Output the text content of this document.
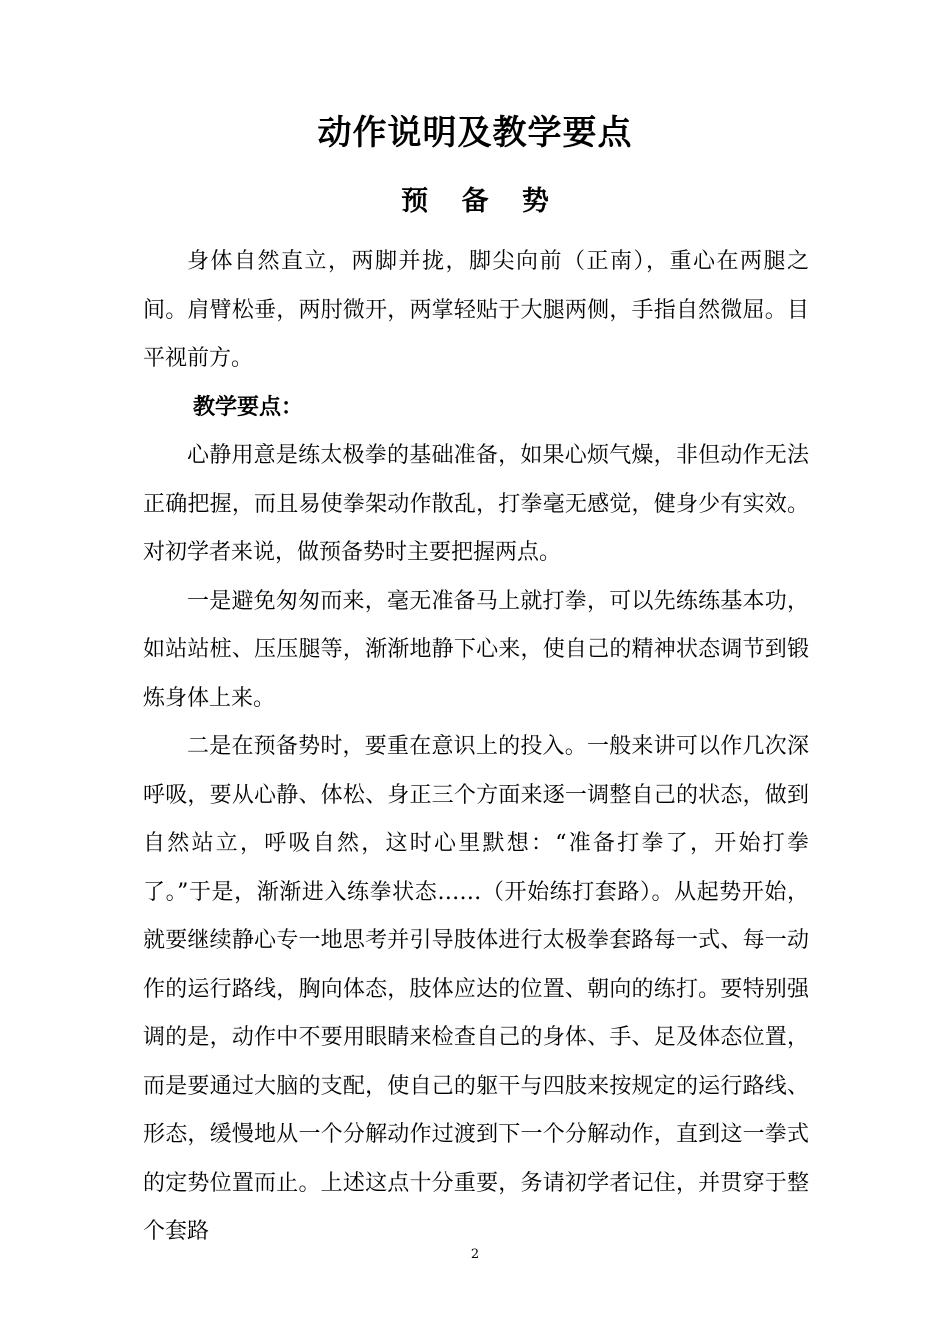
动作说明及教学要点
预 备 势

身体自然直立，两脚并拢，脚尖向前（正南），重心在两腿之间。肩臂松垂，两肘微开，两掌轻贴于大腿两侧，手指自然微屈。目平视前方。

教学要点：

心静用意是练太极拳的基础准备，如果心烦气燥，非但动作无法正确把握，而且易使拳架动作散乱，打拳毫无感觉，健身少有实效。对初学者来说，做预备势时主要把握两点。

一是避免匆匆而来，毫无准备马上就打拳，可以先练练基本功，如站站桩、压压腿等，渐渐地静下心来，使自己的精神状态调节到锻炼身体上来。

二是在预备势时，要重在意识上的投入。一般来讲可以作几次深呼吸，要从心静、体松、身正三个方面来逐一调整自己的状态，做到自然站立，呼吸自然，这时心里默想：“准备打拳了，开始打拳了。”于是，渐渐进入练拳状态……（开始练打套路）。从起势开始，就要继续静心专一地思考并引导肢体进行太极拳套路每一式、每一动作的运行路线，胸向体态，肢体应达的位置、朝向的练打。要特别强调的是，动作中不要用眼睛来检查自己的身体、手、足及体态位置，而是要通过大脑的支配，使自己的躯干与四肢来按规定的运行路线、形态，缓慢地从一个分解动作过渡到下一个分解动作，直到这一拳式的定势位置而止。上述这点十分重要，务请初学者记住，并贯穿于整个套路

2
